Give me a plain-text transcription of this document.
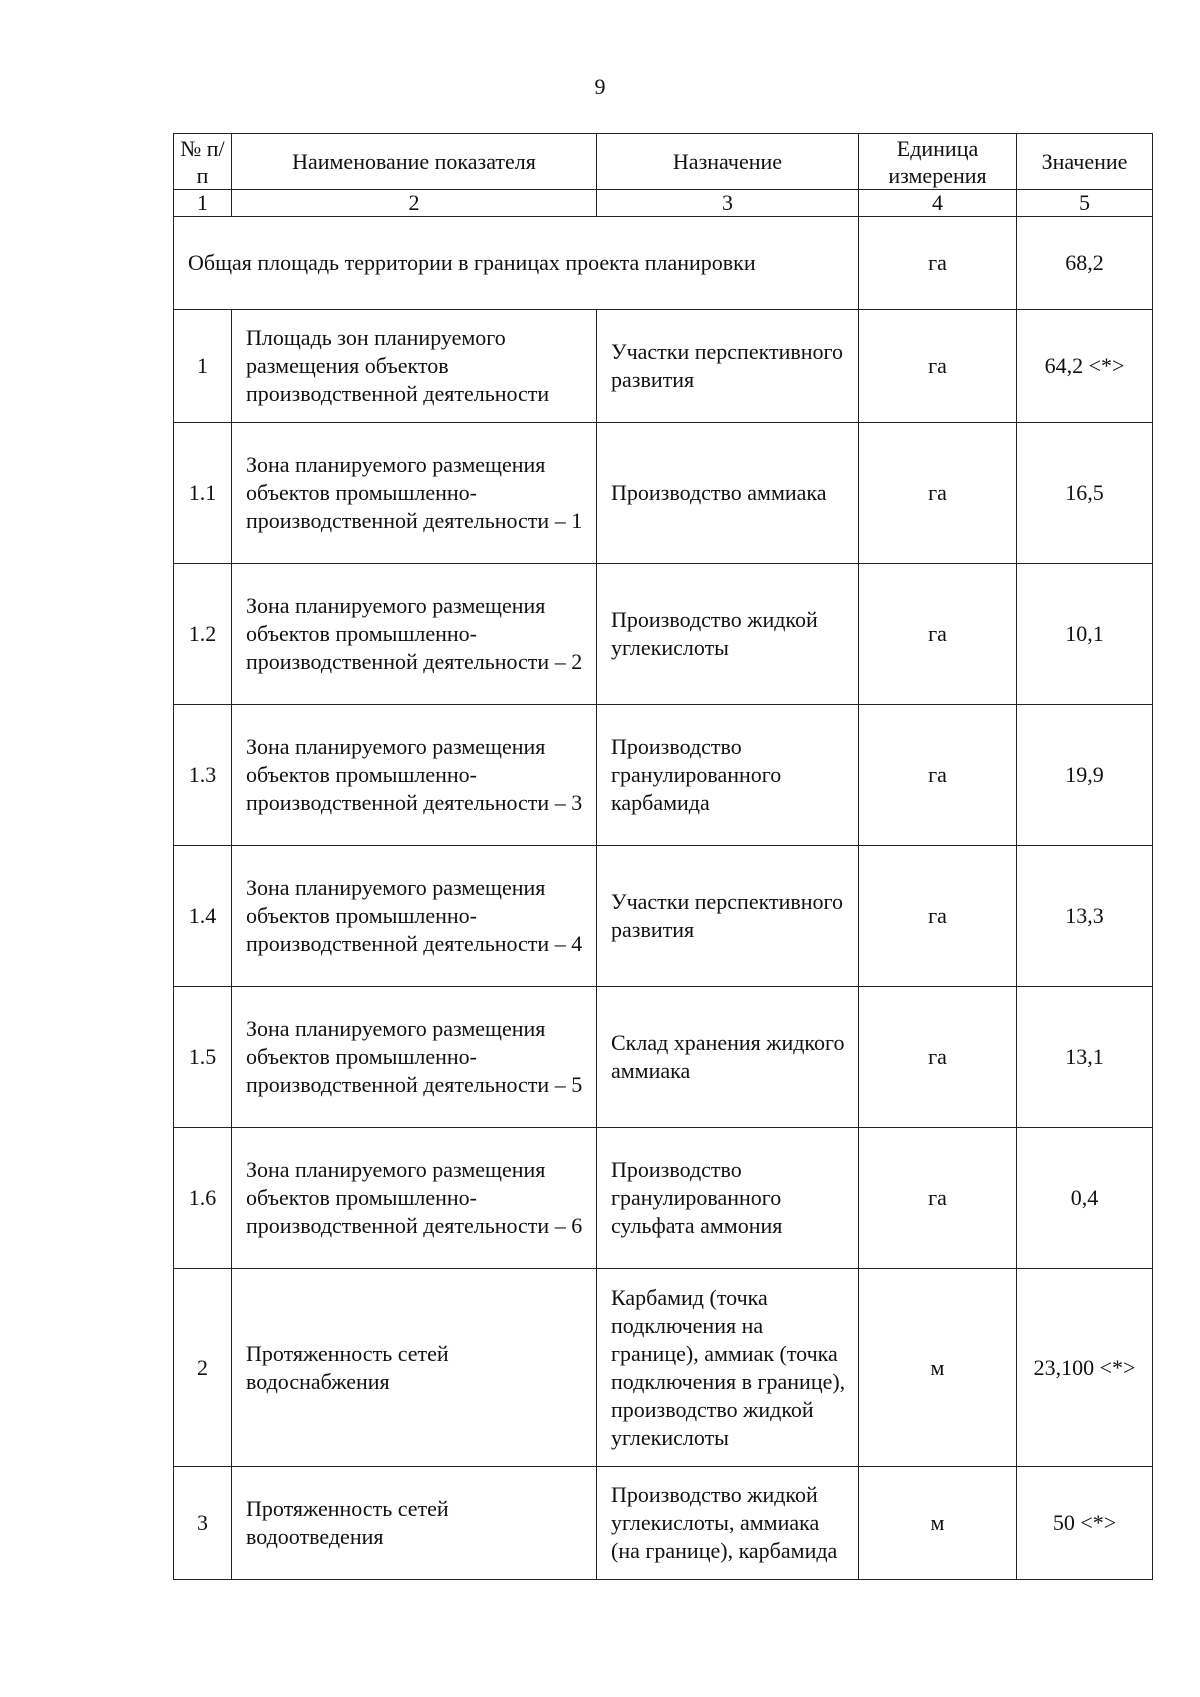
9
№ п/п	Наименование показателя	Назначение	Единица измерения	Значение
1	2	3	4	5
Общая площадь территории в границах проекта планировки			га	68,2
1	Площадь зон планируемого размещения объектов производственной деятельности	Участки перспективного развития	га	64,2 <*>
1.1	Зона планируемого размещения объектов промышленно-производственной деятельности – 1	Производство аммиака	га	16,5
1.2	Зона планируемого размещения объектов промышленно-производственной деятельности – 2	Производство жидкой углекислоты	га	10,1
1.3	Зона планируемого размещения объектов промышленно-производственной деятельности – 3	Производство гранулированного карбамида	га	19,9
1.4	Зона планируемого размещения объектов промышленно-производственной деятельности – 4	Участки перспективного развития	га	13,3
1.5	Зона планируемого размещения объектов промышленно-производственной деятельности – 5	Склад хранения жидкого аммиака	га	13,1
1.6	Зона планируемого размещения объектов промышленно-производственной деятельности – 6	Производство гранулированного сульфата аммония	га	0,4
2	Протяженность сетей водоснабжения	Карбамид (точка подключения на границе), аммиак (точка подключения в границе), производство жидкой углекислоты	м	23,100 <*>
3	Протяженность сетей водоотведения	Производство жидкой углекислоты, аммиака (на границе), карбамида	м	50 <*>
